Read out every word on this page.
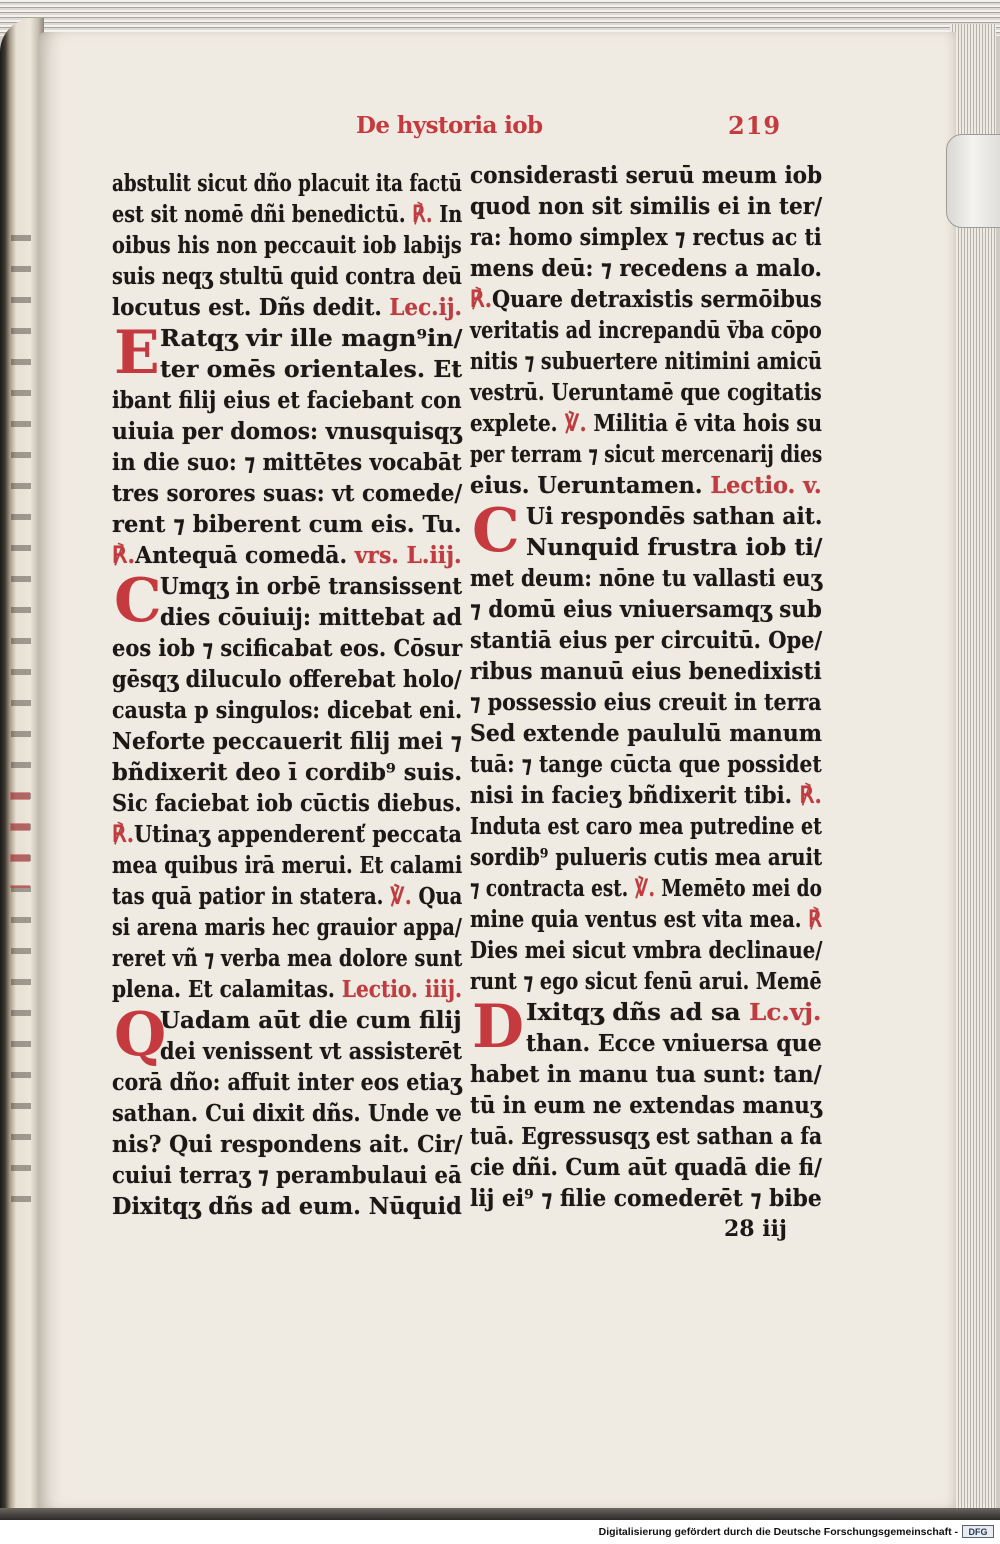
De hystoria iob	219
abstulit sicut dño placuit ita factū
est sit nomē dñi benedictū. ℟. In
oibus his non peccauit iob labijs
suis neqʒ stultū quid contra deū
locutus est. Dñs dedit. Lec.ij.
E Ratqʒ vir ille magn⁹in/
ter omēs orientales. Et
ibant filij eius et faciebant con
uiuia per domos: vnusquisqʒ
in die suo: ⁊ mittētes vocabāt
tres sorores suas: vt comede/
rent ⁊ biberent cum eis. Tu.
℟.Antequā comedā. vrs. L.iij.
C
Umqʒ in orbē transissent
dies cōuiuij: mittebat ad
eos iob ⁊ scificabat eos. Cōsur
gēsqʒ diluculo offerebat holo/
causta p singulos: dicebat eni.
Neforte peccauerit filij mei ⁊
bñdixerit deo ī cordib⁹ suis.
Sic faciebat iob cūctis diebus.
℟.Utinaʒ appenderenť peccata
mea quibus irā merui. Et calami
tas quā patior in statera. ℣. Qua
si arena maris hec grauior appa/
reret vñ ⁊ verba mea dolore sunt
plena. Et calamitas. Lectio. iiij.
Q
Uadam aūt die cum filij
dei venissent vt assisterēt
corā dño: affuit inter eos etiaʒ
sathan. Cui dixit dñs. Unde ve
nis? Qui respondens ait. Cir/
cuiui terraʒ ⁊ perambulaui eā
Dixitqʒ dñs ad eum. Nūquid
considerasti seruū meum iob
quod non sit similis ei in ter/
ra: homo simplex ⁊ rectus ac ti
mens deū: ⁊ recedens a malo.
℟.Quare detraxistis sermōibus
veritatis ad increpandū v̄ba cōpo
nitis ⁊ subuertere nitimini amicū
vestrū. Ueruntamē que cogitatis
explete. ℣. Militia ē vita hois su
per terram ⁊ sicut mercenarij dies
eius. Ueruntamen. Lectio. v.
C Ui respondēs sathan ait.
Nunquid frustra iob ti/
met deum: nōne tu vallasti euʒ
⁊ domū eius vniuersamqʒ sub
stantiā eius per circuitū. Ope/
ribus manuū eius benedixisti
⁊ possessio eius creuit in terra
Sed extende paululū manum
tuā: ⁊ tange cūcta que possidet
nisi in facieʒ bñdixerit tibi. ℟.
Induta est caro mea putredine et
sordib⁹ pulueris cutis mea aruit
⁊ contracta est. ℣. Memēto mei do
mine quia ventus est vita mea. ℟
Dies mei sicut vmbra declinaue/
runt ⁊ ego sicut fenū arui. Memē
D Ixitqʒ dñs ad sa Lc.vj.
than. Ecce vniuersa que
habet in manu tua sunt: tan/
tū in eum ne extendas manuʒ
tuā. Egressusqʒ est sathan a fa
cie dñi. Cum aūt quadā die fi/
lij ei⁹ ⁊ filie comederēt ⁊ bibe
28 iij
Digitalisierung gefördert durch die Deutsche Forschungsgemeinschaft -	DFG
